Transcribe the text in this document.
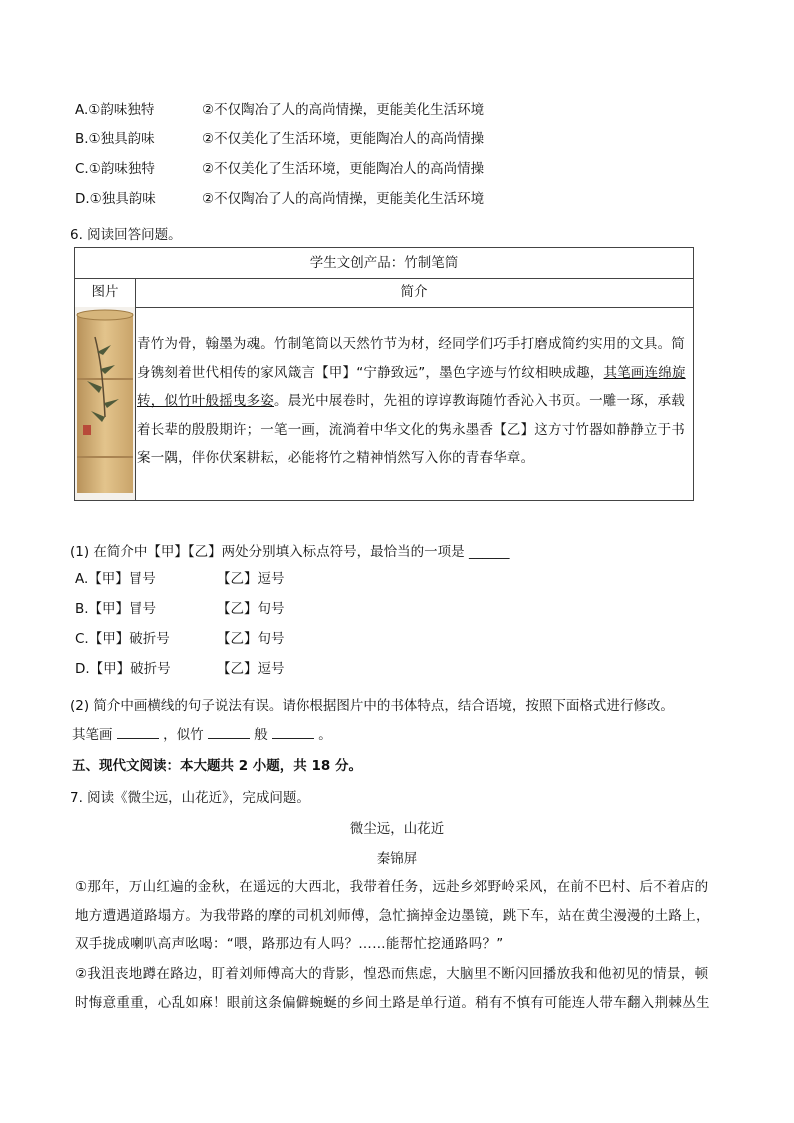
A.①韵味独特	②不仅陶冶了人的高尚情操，更能美化生活环境
B.①独具韵味	②不仅美化了生活环境，更能陶冶人的高尚情操
C.①韵味独特	②不仅美化了生活环境，更能陶冶人的高尚情操
D.①独具韵味	②不仅陶冶了人的高尚情操，更能美化生活环境
6. 阅读回答问题。
学生文创产品：竹制笔筒
图片	简介
青竹为骨，翰墨为魂。竹制笔筒以天然竹节为材，经同学们巧手打磨成简约实用的文具。简身镌刻着世代相传的家风箴言【甲】“宁静致远”，墨色字迹与竹纹相映成趣，其笔画连绵旋转，似竹叶般摇曳多姿。晨光中展卷时，先祖的谆谆教诲随竹香沁入书页。一雕一琢，承载着长辈的殷殷期许；一笔一画，流淌着中华文化的隽永墨香【乙】这方寸竹器如静静立于书案一隅，伴你伏案耕耘，必能将竹之精神悄然写入你的青春华章。
(1) 在简介中【甲】【乙】两处分别填入标点符号，最恰当的一项是 ______
A.【甲】冒号	【乙】逗号
B.【甲】冒号	【乙】句号
C.【甲】破折号	【乙】句号
D.【甲】破折号	【乙】逗号
(2) 简介中画横线的句子说法有误。请你根据图片中的书体特点，结合语境，按照下面格式进行修改。
其笔画	，似竹	般	。
五、现代文阅读：本大题共 2 小题，共 18 分。
7. 阅读《微尘远，山花近》，完成问题。
微尘远，山花近
秦锦屏
①那年，万山红遍的金秋，在遥远的大西北，我带着任务，远赴乡郊野岭采风，在前不巴村、后不着店的地方遭遇道路塌方。为我带路的摩的司机刘师傅，急忙摘掉金边墨镜，跳下车，站在黄尘漫漫的土路上，双手拢成喇叭高声吆喝：“喂，路那边有人吗？……能帮忙挖通路吗？”
②我沮丧地蹲在路边，盯着刘师傅高大的背影，惶恐而焦虑，大脑里不断闪回播放我和他初见的情景，顿时悔意重重，心乱如麻！眼前这条偏僻蜿蜒的乡间土路是单行道。稍有不慎有可能连人带车翻入荆棘丛生
